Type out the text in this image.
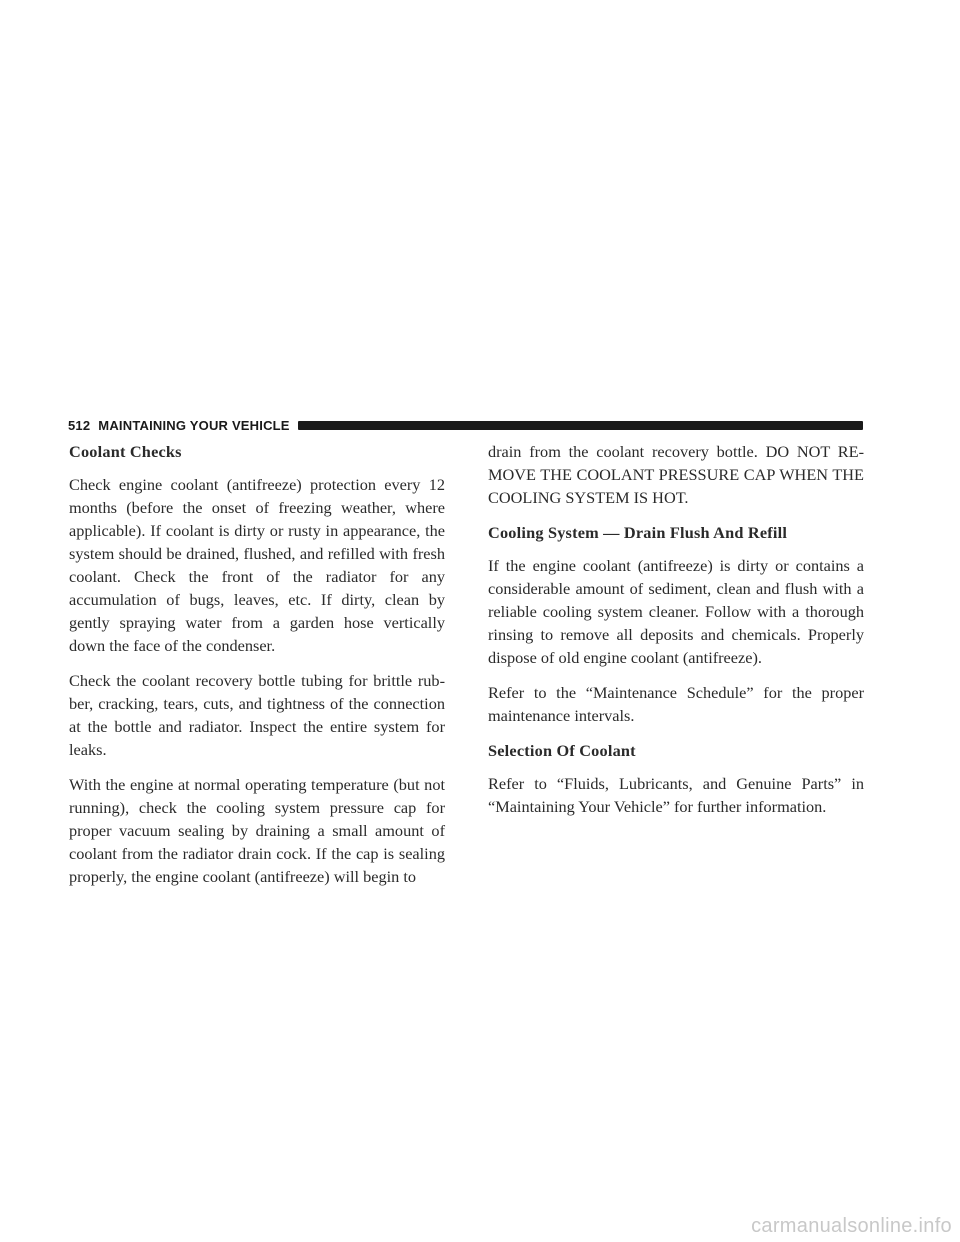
512 MAINTAINING YOUR VEHICLE
Coolant Checks

Check engine coolant (antifreeze) protection every 12 months (before the onset of freezing weather, where applicable). If coolant is dirty or rusty in appearance, the system should be drained, flushed, and refilled with fresh coolant. Check the front of the radiator for any accumulation of bugs, leaves, etc. If dirty, clean by gently spraying water from a garden hose vertically down the face of the condenser.

Check the coolant recovery bottle tubing for brittle rub-ber, cracking, tears, cuts, and tightness of the connection at the bottle and radiator. Inspect the entire system for leaks.

With the engine at normal operating temperature (but not running), check the cooling system pressure cap for proper vacuum sealing by draining a small amount of coolant from the radiator drain cock. If the cap is sealing properly, the engine coolant (antifreeze) will begin to

drain from the coolant recovery bottle. DO NOT RE-MOVE THE COOLANT PRESSURE CAP WHEN THE COOLING SYSTEM IS HOT.

Cooling System — Drain Flush And Refill

If the engine coolant (antifreeze) is dirty or contains a considerable amount of sediment, clean and flush with a reliable cooling system cleaner. Follow with a thorough rinsing to remove all deposits and chemicals. Properly dispose of old engine coolant (antifreeze).

Refer to the “Maintenance Schedule” for the proper maintenance intervals.

Selection Of Coolant

Refer to “Fluids, Lubricants, and Genuine Parts” in “Maintaining Your Vehicle” for further information.

carmanualsonline.info
